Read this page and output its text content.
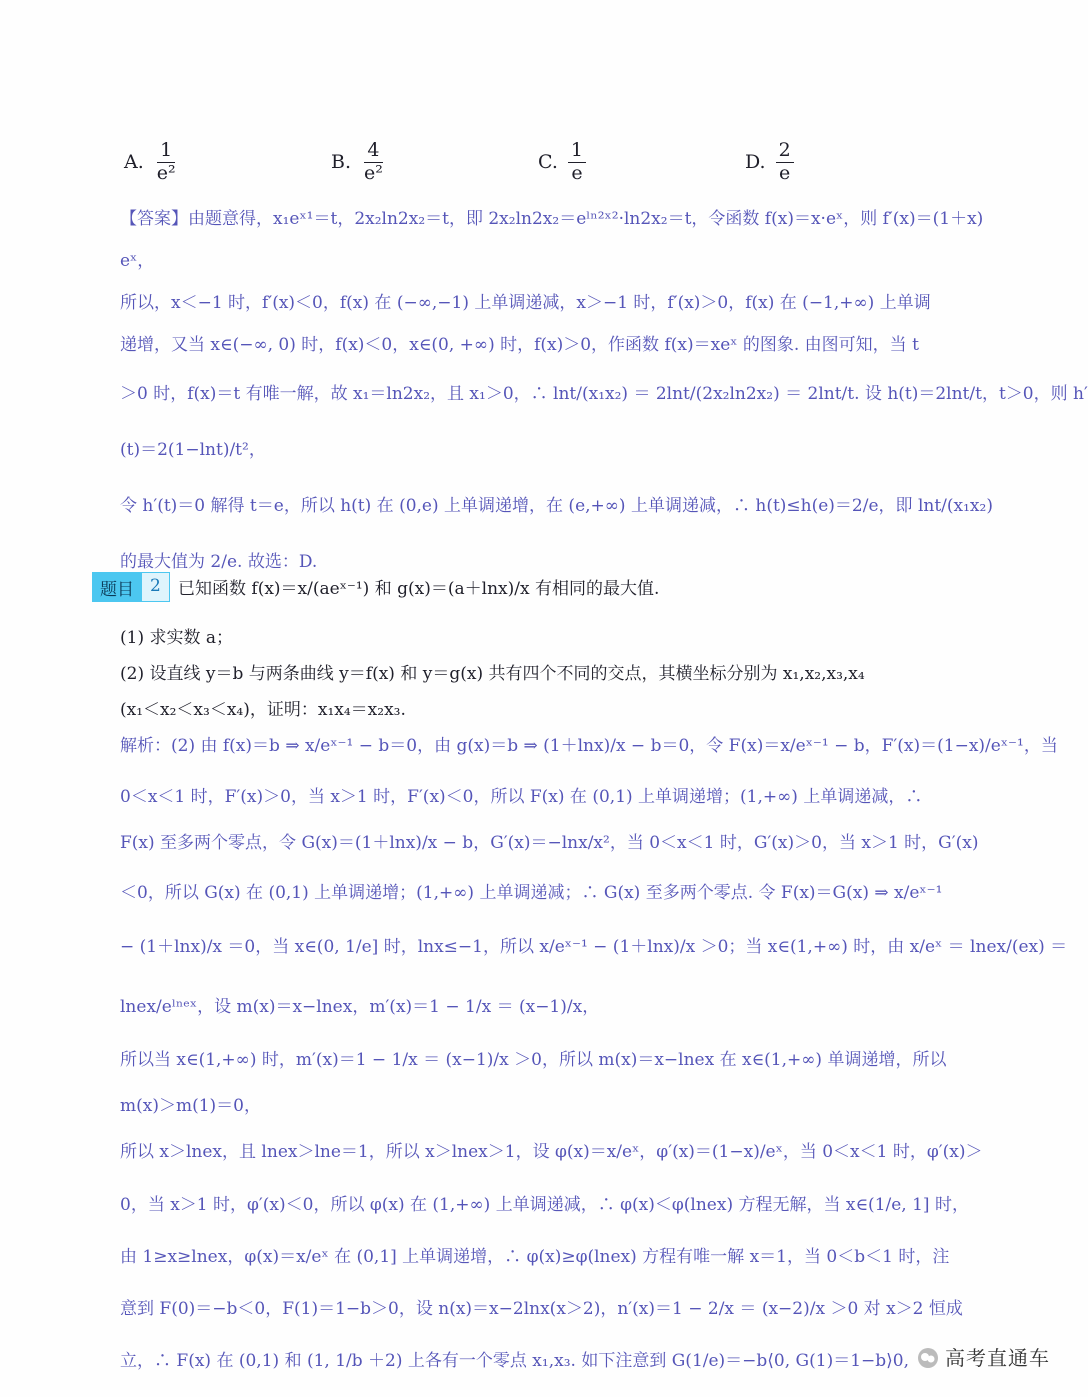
A. $\frac{1}{\text{e²}}$	B. $\frac{4}{\text{e²}}$	C. $\frac{1}{e}$	D. $\frac{2}{e}$
【答案】由题意得，x₁eˣ¹＝t，2x₂ln2x₂＝t，即 2x₂ln2x₂＝eˡⁿ²ˣ²·ln2x₂＝t，令函数 f(x)＝x·eˣ，则 f′(x)＝(1＋x)
eˣ，
所以，x＜−1 时，f′(x)＜0，f(x) 在 (−∞,−1) 上单调递减，x＞−1 时，f′(x)＞0，f(x) 在 (−1,+∞) 上单调
递增，又当 x∈(−∞, 0) 时，f(x)＜0，x∈(0, +∞) 时，f(x)＞0，作函数 f(x)＝xeˣ 的图象. 由图可知，当 t
＞0 时，f(x)＝t 有唯一解，故 x₁＝ln2x₂，且 x₁＞0，∴ lnt/(x₁x₂) ＝ 2lnt/(2x₂ln2x₂) ＝ 2lnt/t. 设 h(t)＝2lnt/t，t＞0，则 h′
(t)＝2(1−lnt)/t²，
令 h′(t)＝0 解得 t＝e，所以 h(t) 在 (0,e) 上单调递增，在 (e,+∞) 上单调递减，∴ h(t)≤h(e)＝2/e，即 lnt/(x₁x₂)
的最大值为 2/e. 故选：D.
题目 2	已知函数 f(x)＝x/(aeˣ⁻¹) 和 g(x)＝(a＋lnx)/x 有相同的最大值.
(1) 求实数 a；
(2) 设直线 y＝b 与两条曲线 y＝f(x) 和 y＝g(x) 共有四个不同的交点，其横坐标分别为 x₁,x₂,x₃,x₄
(x₁＜x₂＜x₃＜x₄)，证明：x₁x₄＝x₂x₃.
解析：(2) 由 f(x)＝b ⇒ x/eˣ⁻¹ − b＝0，由 g(x)＝b ⇒ (1＋lnx)/x − b＝0，令 F(x)＝x/eˣ⁻¹ − b，F′(x)＝(1−x)/eˣ⁻¹，当
0＜x＜1 时，F′(x)＞0，当 x＞1 时，F′(x)＜0，所以 F(x) 在 (0,1) 上单调递增；(1,+∞) 上单调递减，∴
F(x) 至多两个零点，令 G(x)＝(1＋lnx)/x − b，G′(x)＝−lnx/x²，当 0＜x＜1 时，G′(x)＞0，当 x＞1 时，G′(x)
＜0，所以 G(x) 在 (0,1) 上单调递增；(1,+∞) 上单调递减；∴ G(x) 至多两个零点. 令 F(x)＝G(x) ⇒ x/eˣ⁻¹
− (1＋lnx)/x ＝0，当 x∈(0, 1/e] 时，lnx≤−1，所以 x/eˣ⁻¹ − (1＋lnx)/x ＞0；当 x∈(1,+∞) 时，由 x/eˣ ＝ lnex/(ex) ＝
lnex/eˡⁿᵉˣ，设 m(x)＝x−lnex，m′(x)＝1 − 1/x ＝ (x−1)/x，
所以当 x∈(1,+∞) 时，m′(x)＝1 − 1/x ＝ (x−1)/x ＞0，所以 m(x)＝x−lnex 在 x∈(1,+∞) 单调递增，所以
m(x)＞m(1)＝0，
所以 x＞lnex，且 lnex＞lne＝1，所以 x＞lnex＞1，设 φ(x)＝x/eˣ，φ′(x)＝(1−x)/eˣ，当 0＜x＜1 时，φ′(x)＞
0，当 x＞1 时，φ′(x)＜0，所以 φ(x) 在 (1,+∞) 上单调递减，∴ φ(x)＜φ(lnex) 方程无解，当 x∈(1/e, 1] 时，
由 1≥x≥lnex，φ(x)＝x/eˣ 在 (0,1] 上单调递增，∴ φ(x)≥φ(lnex) 方程有唯一解 x＝1，当 0＜b＜1 时，注
意到 F(0)＝−b＜0，F(1)＝1−b＞0，设 n(x)＝x−2lnx(x＞2)，n′(x)＝1 − 2/x ＝ (x−2)/x ＞0 对 x＞2 恒成
立，∴ F(x) 在 (0,1) 和 (1, 1/b ＋2) 上各有一个零点 x₁,x₃. 如下注意到 G(1/e)＝−b⟨0, G(1)＝1−b⟩0,	高考直通车
